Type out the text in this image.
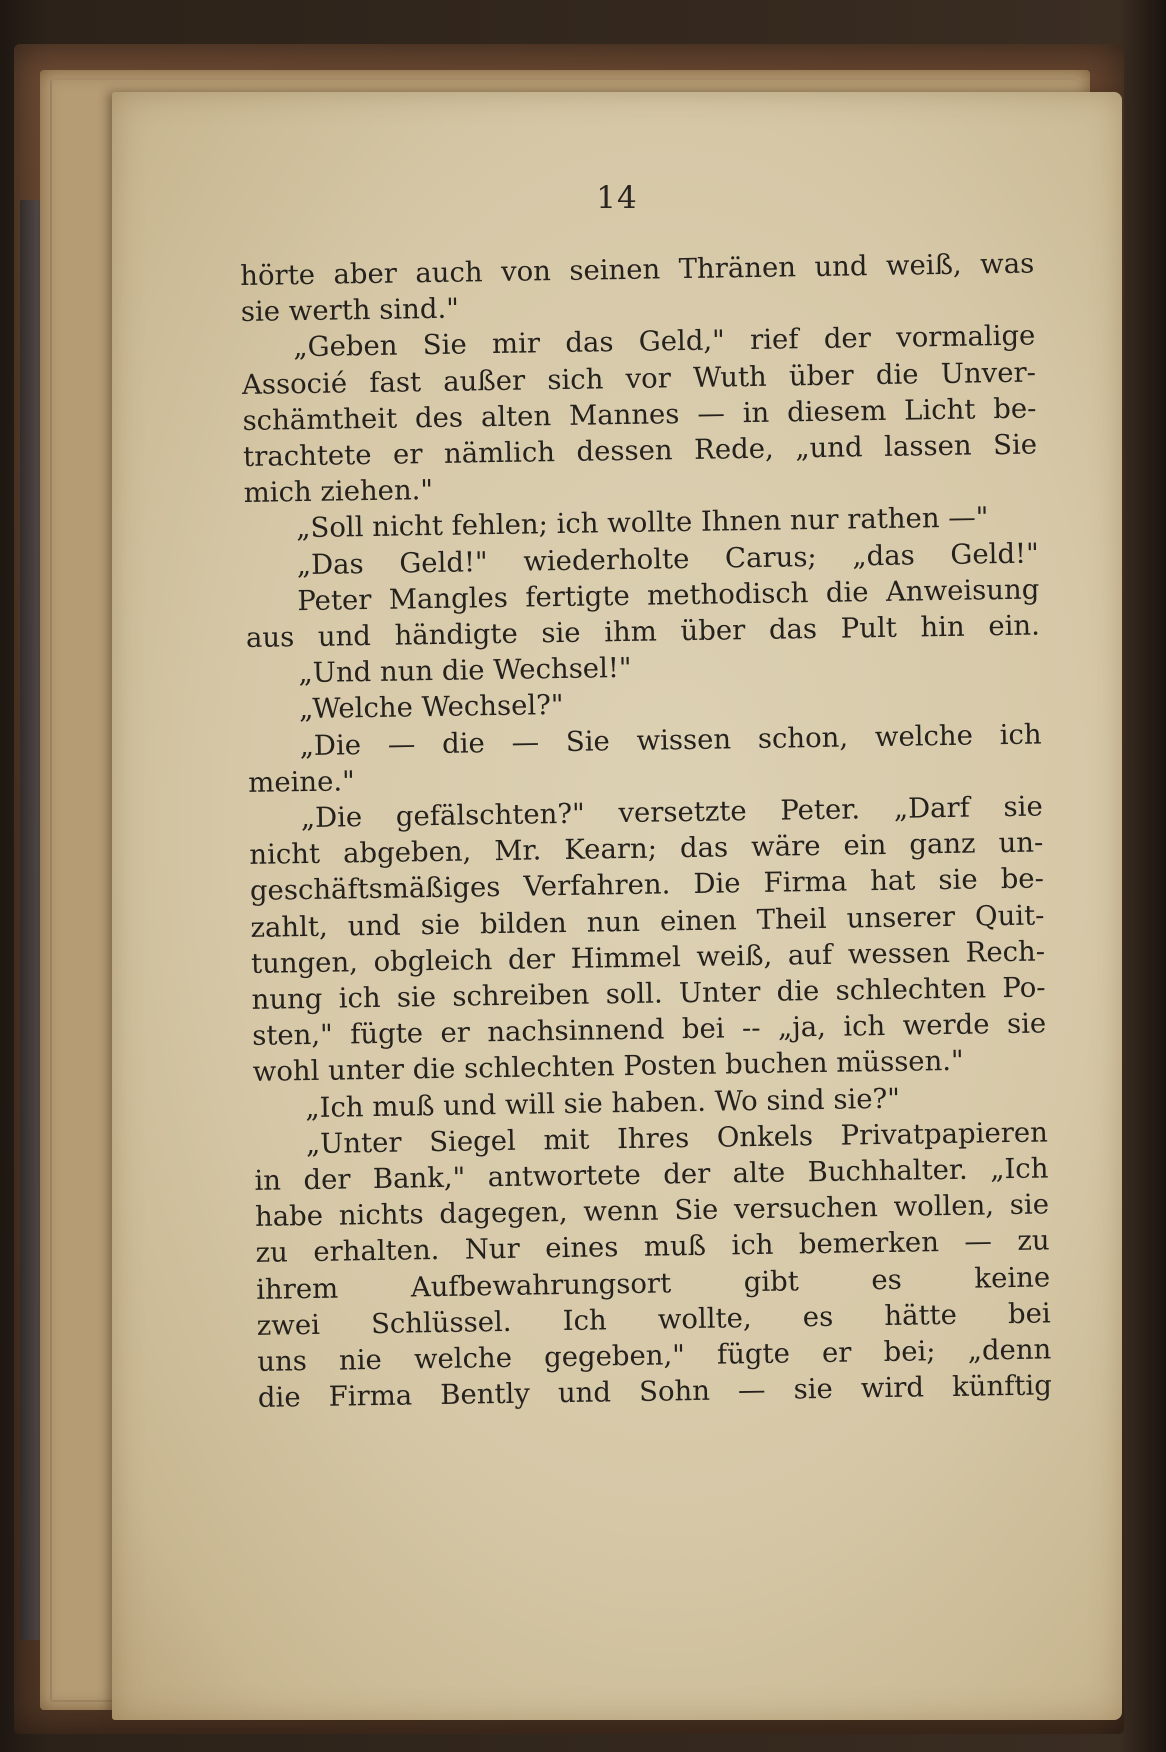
14
hörte aber auch von seinen Thränen und weiß, was
sie werth sind."
„Geben Sie mir das Geld," rief der vormalige
Associé fast außer sich vor Wuth über die Unver-
schämtheit des alten Mannes — in diesem Licht be-
trachtete er nämlich dessen Rede, „und lassen Sie
mich ziehen."
„Soll nicht fehlen; ich wollte Ihnen nur rathen —"
„Das Geld!" wiederholte Carus; „das Geld!"
Peter Mangles fertigte methodisch die Anweisung
aus und händigte sie ihm über das Pult hin ein.
„Und nun die Wechsel!"
„Welche Wechsel?"
„Die — die — Sie wissen schon, welche ich
meine."
„Die gefälschten?" versetzte Peter. „Darf sie
nicht abgeben, Mr. Kearn; das wäre ein ganz un-
geschäftsmäßiges Verfahren. Die Firma hat sie be-
zahlt, und sie bilden nun einen Theil unserer Quit-
tungen, obgleich der Himmel weiß, auf wessen Rech-
nung ich sie schreiben soll. Unter die schlechten Po-
sten," fügte er nachsinnend bei -- „ja, ich werde sie
wohl unter die schlechten Posten buchen müssen."
„Ich muß und will sie haben. Wo sind sie?"
„Unter Siegel mit Ihres Onkels Privatpapieren
in der Bank," antwortete der alte Buchhalter. „Ich
habe nichts dagegen, wenn Sie versuchen wollen, sie
zu erhalten. Nur eines muß ich bemerken — zu
ihrem Aufbewahrungsort gibt es keine
zwei Schlüssel. Ich wollte, es hätte bei
uns nie welche gegeben," fügte er bei; „denn
die Firma Bently und Sohn — sie wird künftig
